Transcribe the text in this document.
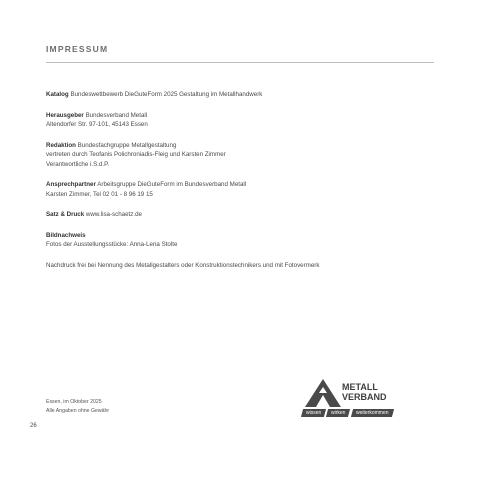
IMPRESSUM
Katalog Bundeswettbewerb DieGuteForm 2025 Gestaltung im Metallhandwerk
Herausgeber Bundesverband Metall
Altendorfer Str. 97-101, 45143 Essen
Redaktion Bundesfachgruppe Metallgestaltung
vertreten durch Teofanis Polichroniadis-Fleig und Karsten Zimmer
Verantwortliche i.S.d.P.
Ansprechpartner Arbeitsgruppe DieGuteForm im Bundesverband Metall
Karsten Zimmer, Tel 02 01 - 8 96 19 15
Satz & Druck www.lisa-schaetz.de
Bildnachweis
Fotos der Ausstellungsstücke: Anna-Lena Stolte
Nachdruck frei bei Nennung des Metallgestalters oder Konstruktionstechnikers und mit Fotovermerk
Essen, im Oktober 2025
Alle Angaben ohne Gewähr
26
METALL
VERBAND
wissen	wirken	weiterkommen
